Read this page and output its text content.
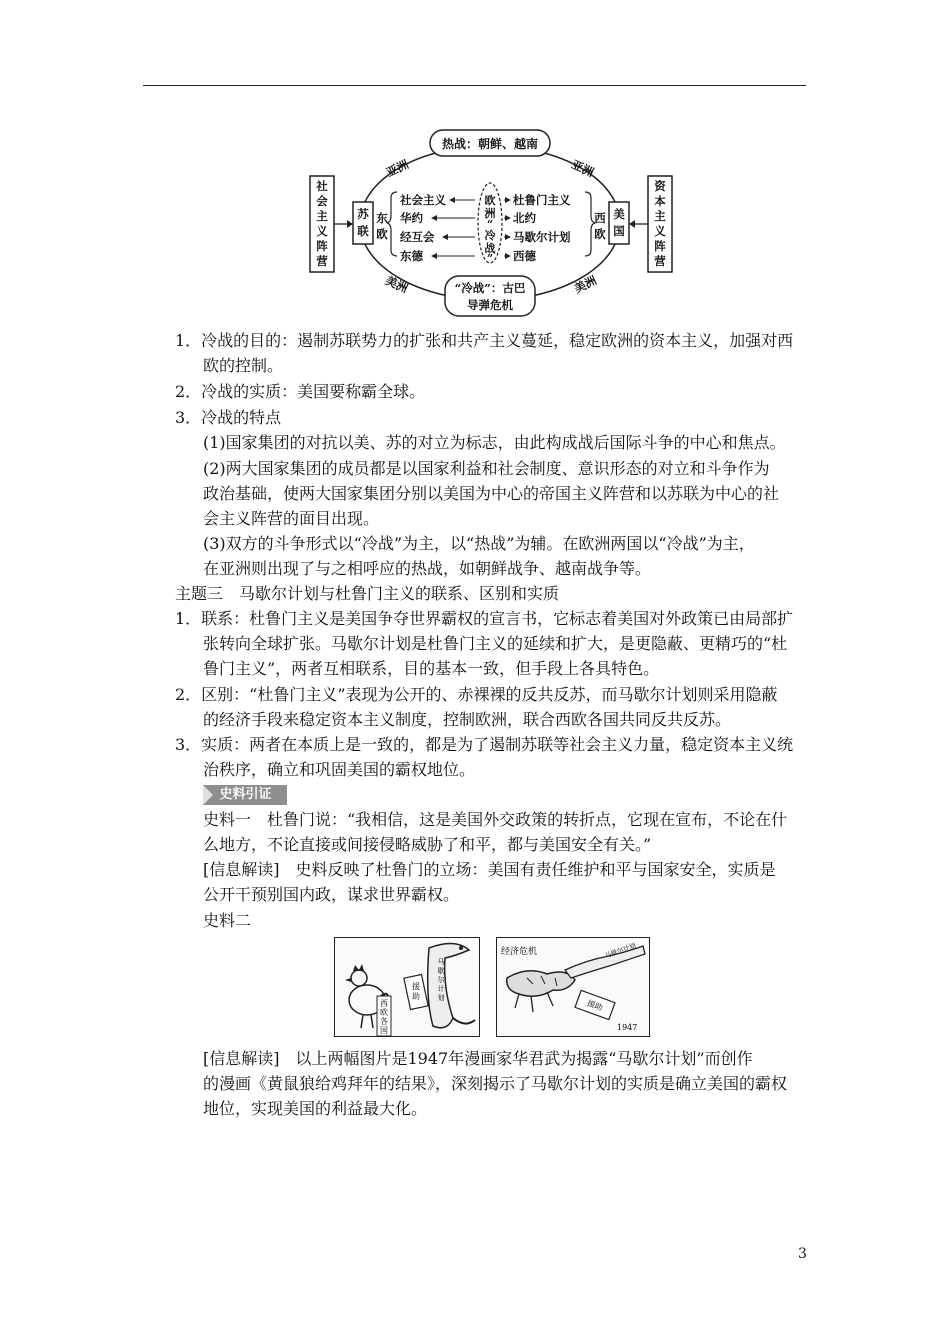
热战：朝鲜、越南
“冷战”：古巴
导弹危机
社
会
主
义
阵
营
资
本
主
义
阵
营
苏
联
美
国
东
欧
西
欧
亚洲	亚洲
美洲	美洲
欧
洲
“
冷
战
”
社会主义
华约
经互会
东德
杜鲁门主义
北约
马歇尔计划
西德
1．冷战的目的：遏制苏联势力的扩张和共产主义蔓延，稳定欧洲的资本主义，加强对西
欧的控制。
2．冷战的实质：美国要称霸全球。
3．冷战的特点
(1)国家集团的对抗以美、苏的对立为标志，由此构成战后国际斗争的中心和焦点。
(2)两大国家集团的成员都是以国家利益和社会制度、意识形态的对立和斗争作为
政治基础，使两大国家集团分别以美国为中心的帝国主义阵营和以苏联为中心的社
会主义阵营的面目出现。
(3)双方的斗争形式以“冷战”为主，以“热战”为辅。在欧洲两国以“冷战”为主，
在亚洲则出现了与之相呼应的热战，如朝鲜战争、越南战争等。
主题三　马歇尔计划与杜鲁门主义的联系、区别和实质
1．联系：杜鲁门主义是美国争夺世界霸权的宣言书，它标志着美国对外政策已由局部扩
张转向全球扩张。马歇尔计划是杜鲁门主义的延续和扩大，是更隐蔽、更精巧的“杜
鲁门主义”，两者互相联系，目的基本一致，但手段上各具特色。
2．区别：“杜鲁门主义”表现为公开的、赤裸裸的反共反苏，而马歇尔计划则采用隐蔽
的经济手段来稳定资本主义制度，控制欧洲，联合西欧各国共同反共反苏。
3．实质：两者在本质上是一致的，都是为了遏制苏联等社会主义力量，稳定资本主义统
治秩序，确立和巩固美国的霸权地位。
史料引证
史料一　杜鲁门说：“我相信，这是美国外交政策的转折点，它现在宣布，不论在什
么地方，不论直接或间接侵略威胁了和平，都与美国安全有关。”
[信息解读]　史料反映了杜鲁门的立场：美国有责任维护和平与国家安全，实质是
公开干预别国内政，谋求世界霸权。
史料二
西
欧
各
国
马
歇
尔
计
划
援
助
经济危机	马歇尔计划
援助
1947
[信息解读]　以上两幅图片是1947年漫画家华君武为揭露“马歇尔计划”而创作
的漫画《黄鼠狼给鸡拜年的结果》，深刻揭示了马歇尔计划的实质是确立美国的霸权
地位，实现美国的利益最大化。
3
